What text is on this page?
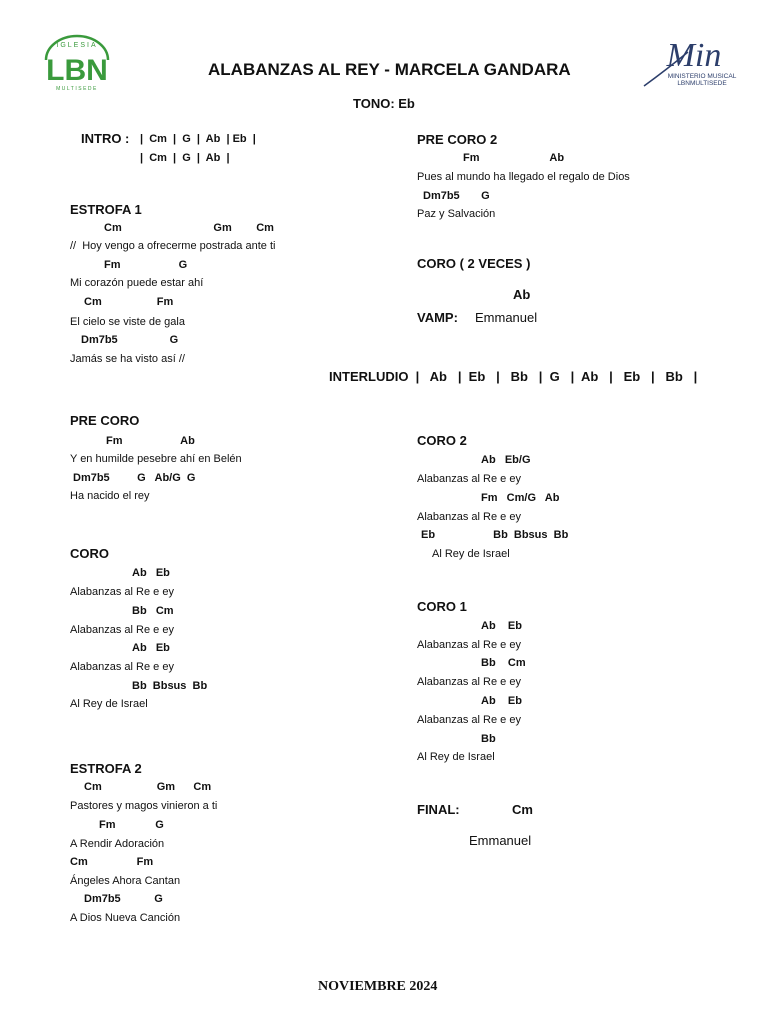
IGLESIA
LBN
MULTISEDE
Min
MINISTERIO MUSICAL
LBNMULTISEDE
ALABANZAS AL REY - MARCELA GANDARA
TONO: Eb
INTRO : |  Cm  |  G  |  Ab  | Eb  |
|  Cm  |  G  |  Ab  |
ESTROFA 1
Cm                              Gm        Cm
//  Hoy vengo a ofrecerme postrada ante ti
Fm                   G
Mi corazón puede estar ahí
Cm                  Fm
El cielo se viste de gala
Dm7b5                 G
Jamás se ha visto así //
PRE CORO
Fm                   Ab
Y en humilde pesebre ahí en Belén
Dm7b5         G   Ab/G  G
Ha nacido el rey
CORO
Ab   Eb
Alabanzas al Re e ey
Bb   Cm
Alabanzas al Re e ey
Ab   Eb
Alabanzas al Re e ey
Bb  Bbsus  Bb
Al Rey de Israel
ESTROFA 2
Cm                  Gm      Cm
Pastores y magos vinieron a ti
Fm             G
A Rendir Adoración
Cm                Fm
Ángeles Ahora Cantan
Dm7b5           G
A Dios Nueva Canción
PRE CORO 2
Fm                       Ab
Pues al mundo ha llegado el regalo de Dios
Dm7b5       G
Paz y Salvación
CORO ( 2 VECES )
Ab
VAMP: Emmanuel
INTERLUDIO  |   Ab   |  Eb   |   Bb   |  G   |  Ab   |   Eb   |   Bb   |
CORO 2
Ab   Eb/G
Alabanzas al Re e ey
Fm   Cm/G   Ab
Alabanzas al Re e ey
Eb                   Bb  Bbsus  Bb
Al Rey de Israel
CORO 1
Ab    Eb
Alabanzas al Re e ey
Bb    Cm
Alabanzas al Re e ey
Ab    Eb
Alabanzas al Re e ey
Bb
Al Rey de Israel
FINAL:	Cm
Emmanuel
NOVIEMBRE 2024
